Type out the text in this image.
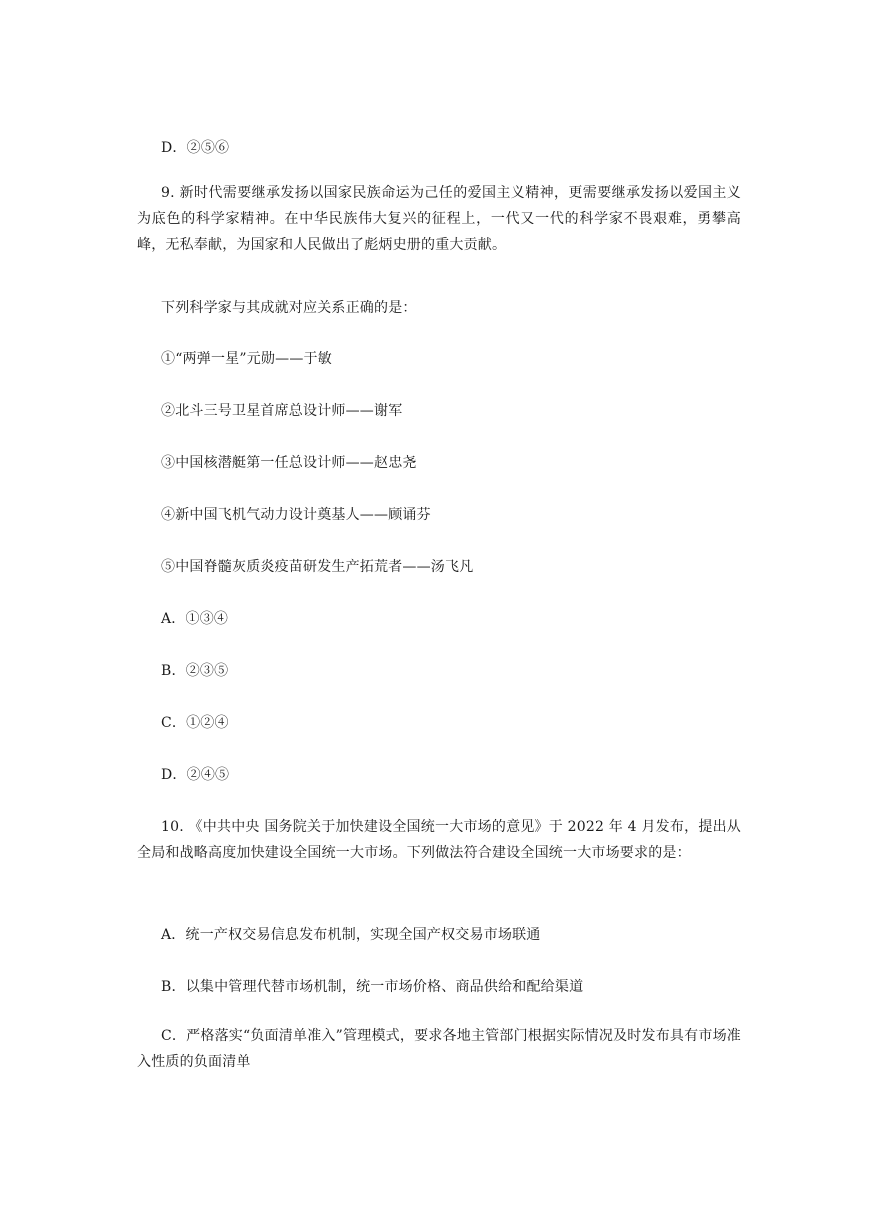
D．②⑤⑥
9. 新时代需要继承发扬以国家民族命运为己任的爱国主义精神，更需要继承发扬以爱国主义为底色的科学家精神。在中华民族伟大复兴的征程上，一代又一代的科学家不畏艰难，勇攀高峰，无私奉献，为国家和人民做出了彪炳史册的重大贡献。
下列科学家与其成就对应关系正确的是：
①“两弹一星”元勋——于敏
②北斗三号卫星首席总设计师——谢军
③中国核潜艇第一任总设计师——赵忠尧
④新中国飞机气动力设计奠基人——顾诵芬
⑤中国脊髓灰质炎疫苗研发生产拓荒者——汤飞凡
A．①③④
B．②③⑤
C．①②④
D．②④⑤
10. 《中共中央 国务院关于加快建设全国统一大市场的意见》于 2022 年 4 月发布，提出从全局和战略高度加快建设全国统一大市场。下列做法符合建设全国统一大市场要求的是：
A．统一产权交易信息发布机制，实现全国产权交易市场联通
B．以集中管理代替市场机制，统一市场价格、商品供给和配给渠道
C．严格落实“负面清单准入”管理模式，要求各地主管部门根据实际情况及时发布具有市场准入性质的负面清单
